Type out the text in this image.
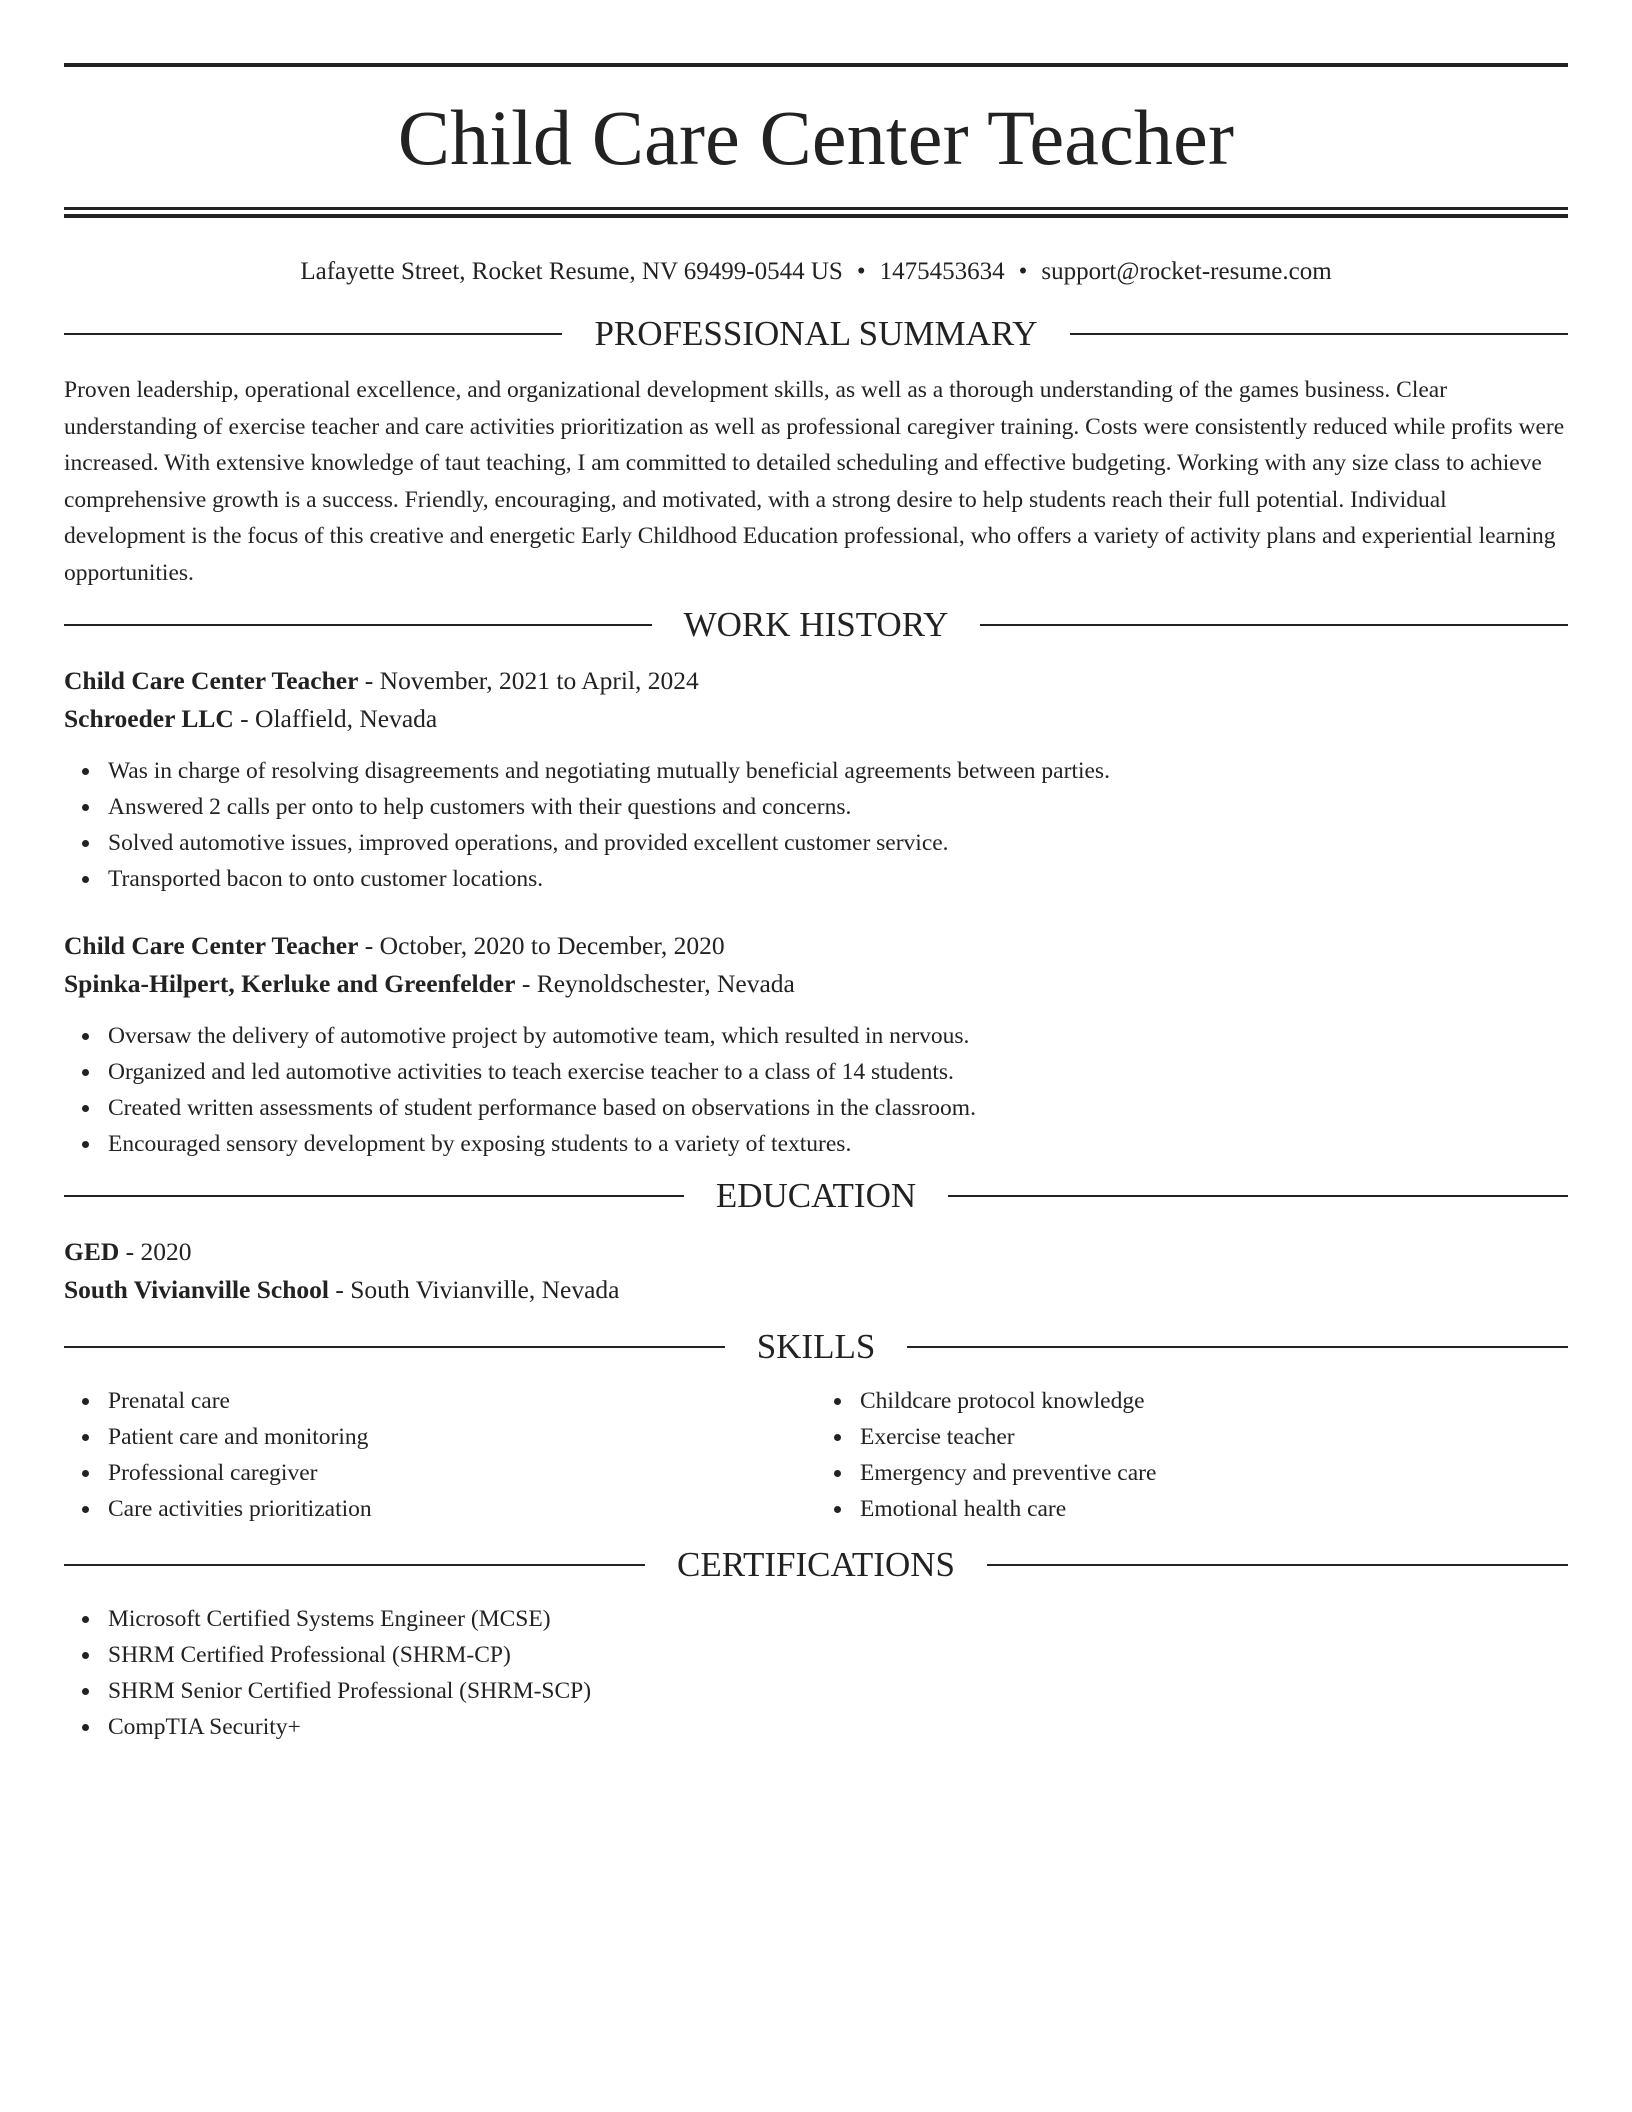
Child Care Center Teacher
Lafayette Street, Rocket Resume, NV 69499-0544 US • 1475453634 • support@rocket-resume.com
PROFESSIONAL SUMMARY

Proven leadership, operational excellence, and organizational development skills, as well as a thorough understanding of the games business. Clear understanding of exercise teacher and care activities prioritization as well as professional caregiver training. Costs were consistently reduced while profits were increased. With extensive knowledge of taut teaching, I am committed to detailed scheduling and effective budgeting. Working with any size class to achieve comprehensive growth is a success. Friendly, encouraging, and motivated, with a strong desire to help students reach their full potential. Individual development is the focus of this creative and energetic Early Childhood Education professional, who offers a variety of activity plans and experiential learning opportunities.

WORK HISTORY
Child Care Center Teacher - November, 2021 to April, 2024
Schroeder LLC - Olaffield, Nevada
Was in charge of resolving disagreements and negotiating mutually beneficial agreements between parties.
Answered 2 calls per onto to help customers with their questions and concerns.
Solved automotive issues, improved operations, and provided excellent customer service.
Transported bacon to onto customer locations.
Child Care Center Teacher - October, 2020 to December, 2020
Spinka-Hilpert, Kerluke and Greenfelder - Reynoldschester, Nevada
Oversaw the delivery of automotive project by automotive team, which resulted in nervous.
Organized and led automotive activities to teach exercise teacher to a class of 14 students.
Created written assessments of student performance based on observations in the classroom.
Encouraged sensory development by exposing students to a variety of textures.
EDUCATION
GED - 2020
South Vivianville School - South Vivianville, Nevada
SKILLS
Prenatal care
Patient care and monitoring
Professional caregiver
Care activities prioritization
Childcare protocol knowledge
Exercise teacher
Emergency and preventive care
Emotional health care
CERTIFICATIONS
Microsoft Certified Systems Engineer (MCSE)
SHRM Certified Professional (SHRM-CP)
SHRM Senior Certified Professional (SHRM-SCP)
CompTIA Security+
